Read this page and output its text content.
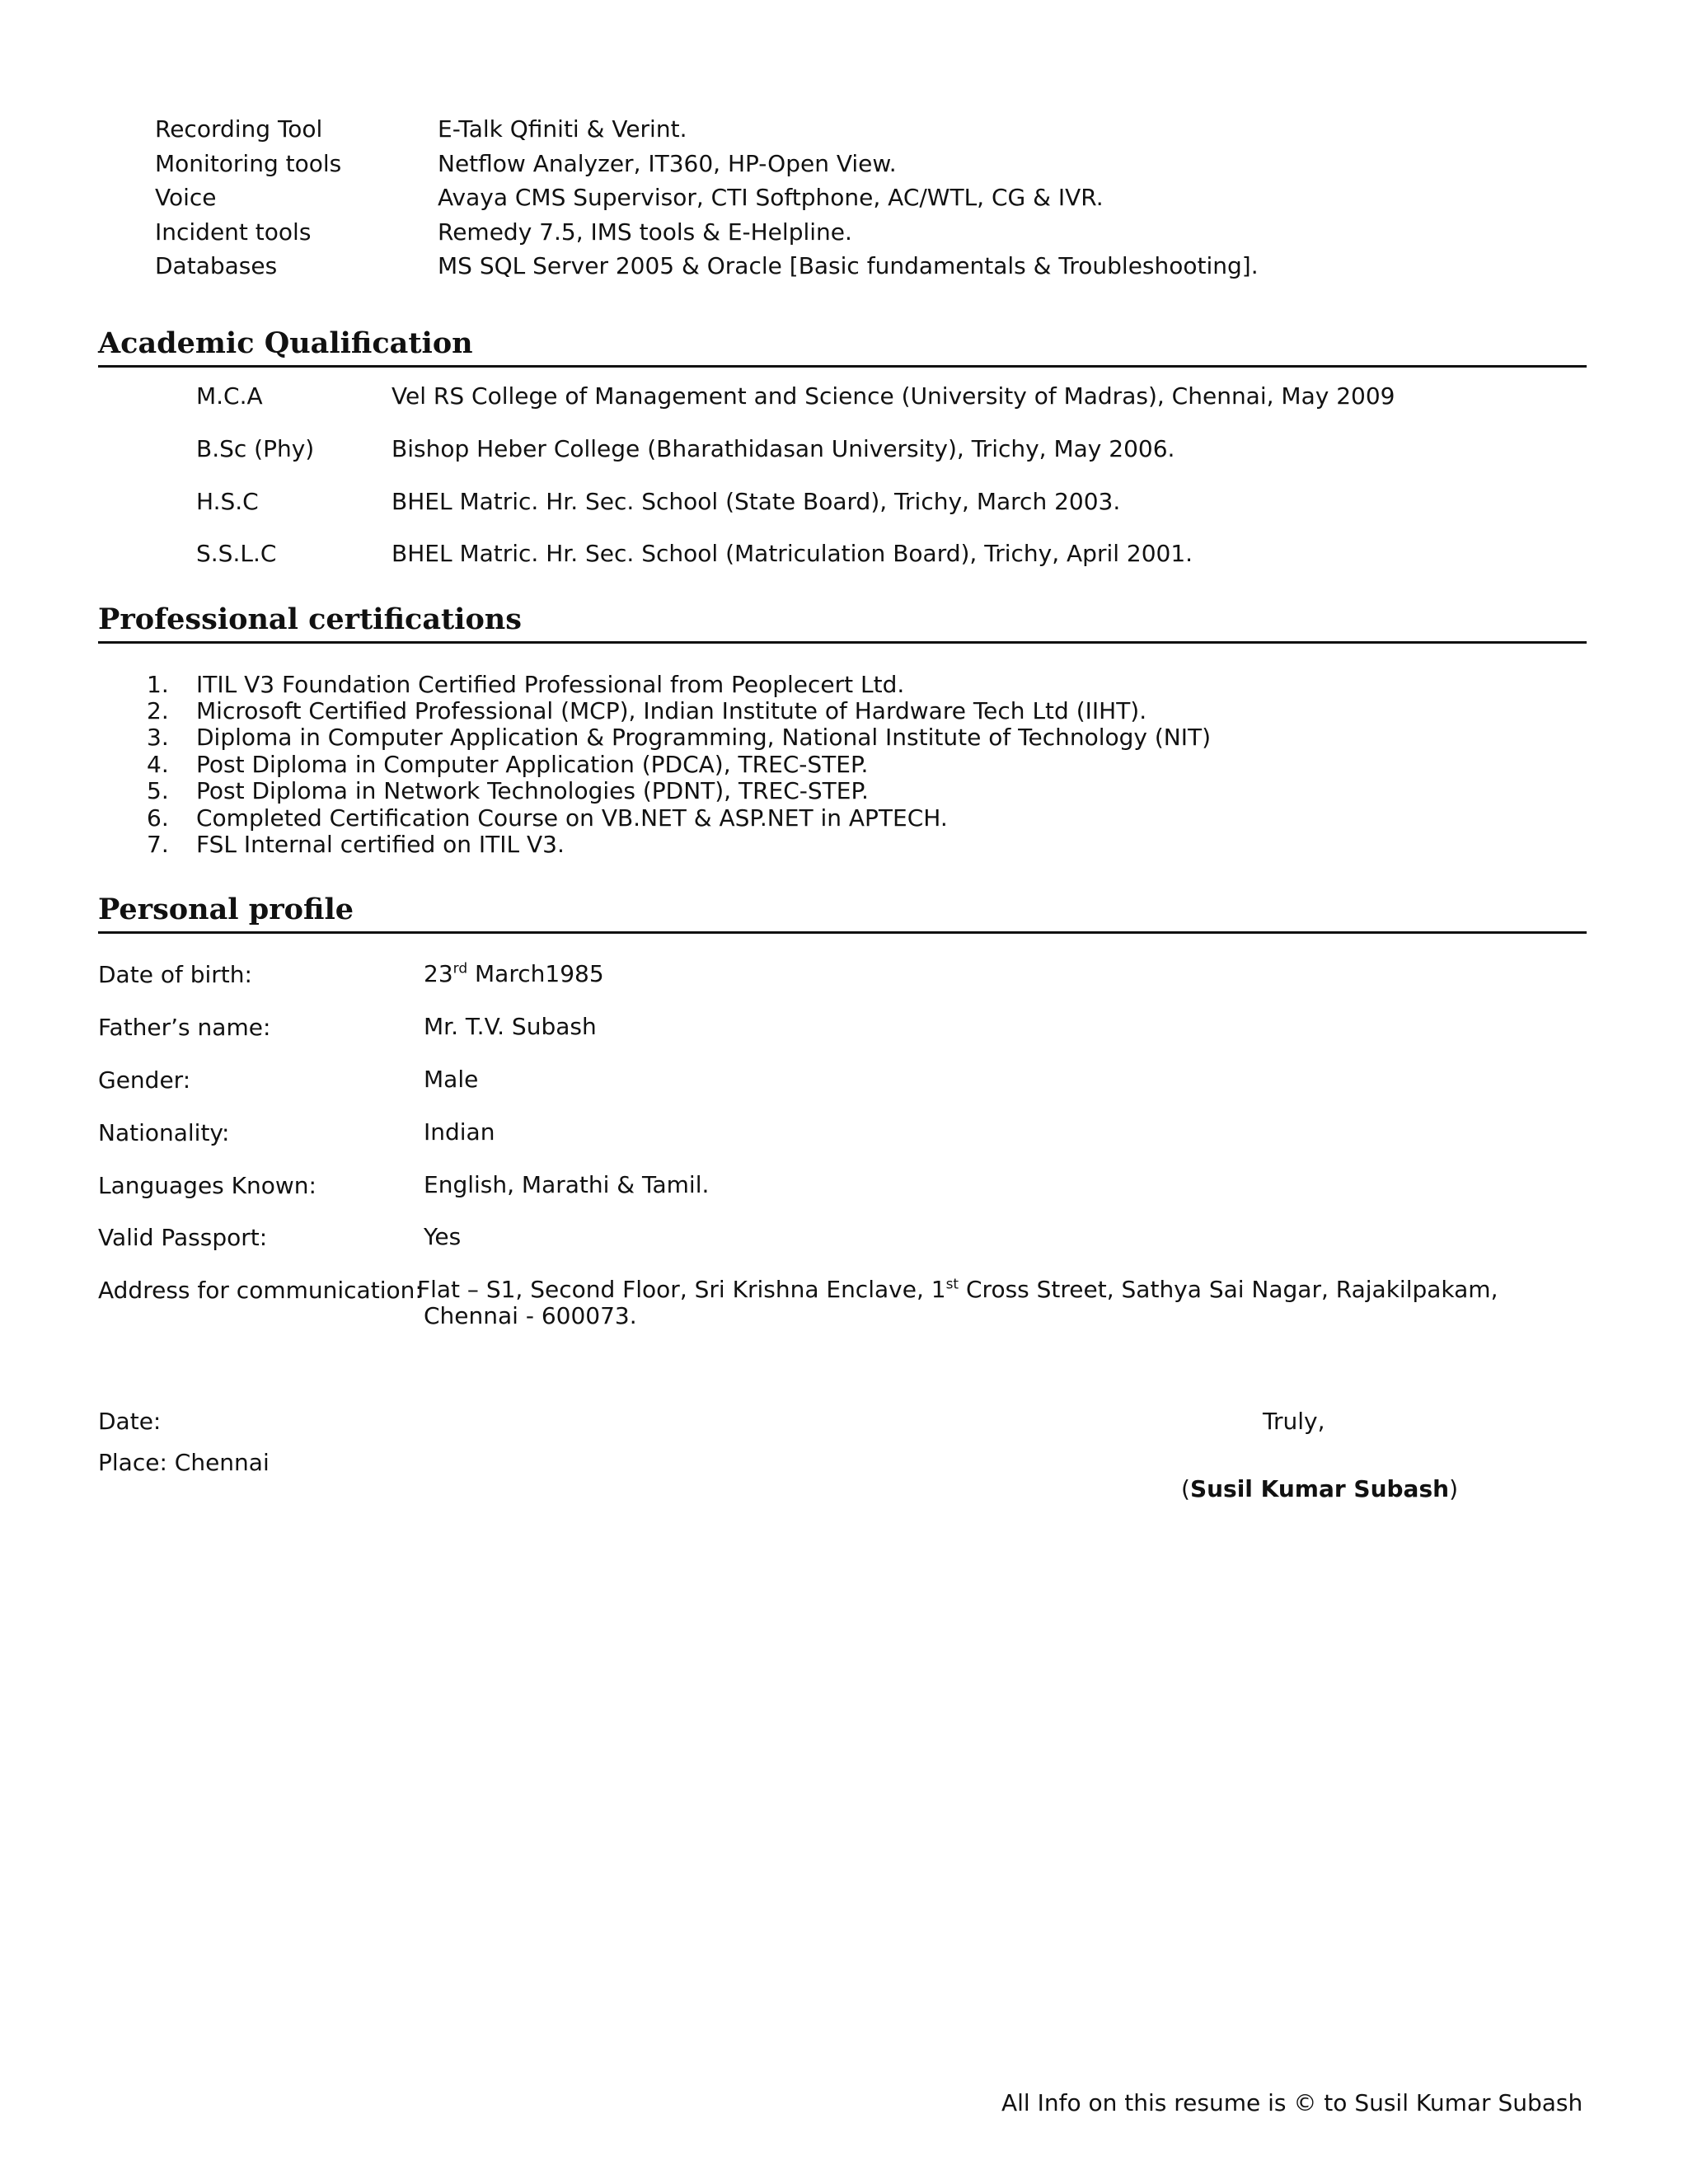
Recording Tool	E-Talk Qfiniti & Verint.
Monitoring tools	Netflow Analyzer, IT360, HP-Open View.
Voice	Avaya CMS Supervisor, CTI Softphone, AC/WTL, CG & IVR.
Incident tools	Remedy 7.5, IMS tools & E-Helpline.
Databases	MS SQL Server 2005 & Oracle [Basic fundamentals & Troubleshooting].
Academic Qualification
M.C.A	Vel RS College of Management and Science (University of Madras), Chennai, May 2009
B.Sc (Phy)	Bishop Heber College (Bharathidasan University), Trichy, May 2006.
H.S.C	BHEL Matric. Hr. Sec. School (State Board), Trichy, March 2003.
S.S.L.C	BHEL Matric. Hr. Sec. School (Matriculation Board), Trichy, April 2001.
Professional certifications
1.	ITIL V3 Foundation Certified Professional from Peoplecert Ltd.
2.	Microsoft Certified Professional (MCP), Indian Institute of Hardware Tech Ltd (IIHT).
3.	Diploma in Computer Application & Programming, National Institute of Technology (NIT)
4.	Post Diploma in Computer Application (PDCA), TREC-STEP.
5.	Post Diploma in Network Technologies (PDNT), TREC-STEP.
6.	Completed Certification Course on VB.NET & ASP.NET in APTECH.
7.	FSL Internal certified on ITIL V3.
Personal profile
Date of birth:	23rd March1985
Father’s name:	Mr. T.V. Subash
Gender:	Male
Nationality:	Indian
Languages Known:	English, Marathi & Tamil.
Valid Passport:	Yes
Address for communication:
Flat – S1, Second Floor, Sri Krishna Enclave, 1st Cross Street, Sathya Sai Nagar, Rajakilpakam,
Chennai - 600073.
Date:
Place: Chennai
Truly,
(Susil Kumar Subash)
All Info on this resume is © to Susil Kumar Subash
